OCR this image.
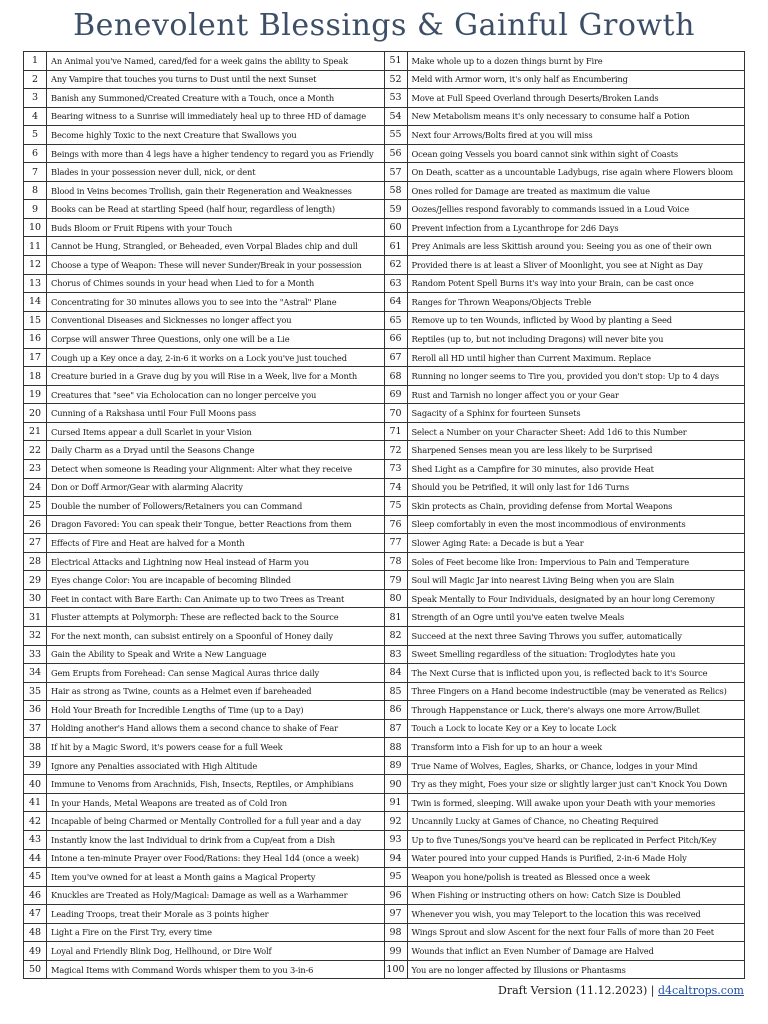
Benevolent Blessings & Gainful Growth
1	An Animal you've Named, cared/fed for a week gains the ability to Speak
2	Any Vampire that touches you turns to Dust until the next Sunset
3	Banish any Summoned/Created Creature with a Touch, once a Month
4	Bearing witness to a Sunrise will immediately heal up to three HD of damage
5	Become highly Toxic to the next Creature that Swallows you
6	Beings with more than 4 legs have a higher tendency to regard you as Friendly
7	Blades in your possession never dull, nick, or dent
8	Blood in Veins becomes Trollish, gain their Regeneration and Weaknesses
9	Books can be Read at startling Speed (half hour, regardless of length)
10	Buds Bloom or Fruit Ripens with your Touch
11	Cannot be Hung, Strangled, or Beheaded, even Vorpal Blades chip and dull
12	Choose a type of Weapon: These will never Sunder/Break in your possession
13	Chorus of Chimes sounds in your head when Lied to for a Month
14	Concentrating for 30 minutes allows you to see into the "Astral" Plane
15	Conventional Diseases and Sicknesses no longer affect you
16	Corpse will answer Three Questions, only one will be a Lie
17	Cough up a Key once a day, 2-in-6 it works on a Lock you've just touched
18	Creature buried in a Grave dug by you will Rise in a Week, live for a Month
19	Creatures that "see" via Echolocation can no longer perceive you
20	Cunning of a Rakshasa until Four Full Moons pass
21	Cursed Items appear a dull Scarlet in your Vision
22	Daily Charm as a Dryad until the Seasons Change
23	Detect when someone is Reading your Alignment: Alter what they receive
24	Don or Doff Armor/Gear with alarming Alacrity
25	Double the number of Followers/Retainers you can Command
26	Dragon Favored: You can speak their Tongue, better Reactions from them
27	Effects of Fire and Heat are halved for a Month
28	Electrical Attacks and Lightning now Heal instead of Harm you
29	Eyes change Color: You are incapable of becoming Blinded
30	Feet in contact with Bare Earth: Can Animate up to two Trees as Treant
31	Fluster attempts at Polymorph: These are reflected back to the Source
32	For the next month, can subsist entirely on a Spoonful of Honey daily
33	Gain the Ability to Speak and Write a New Language
34	Gem Erupts from Forehead: Can sense Magical Auras thrice daily
35	Hair as strong as Twine, counts as a Helmet even if bareheaded
36	Hold Your Breath for Incredible Lengths of Time (up to a Day)
37	Holding another's Hand allows them a second chance to shake of Fear
38	If hit by a Magic Sword, it's powers cease for a full Week
39	Ignore any Penalties associated with High Altitude
40	Immune to Venoms from Arachnids, Fish, Insects, Reptiles, or Amphibians
41	In your Hands, Metal Weapons are treated as of Cold Iron
42	Incapable of being Charmed or Mentally Controlled for a full year and a day
43	Instantly know the last Individual to drink from a Cup/eat from a Dish
44	Intone a ten-minute Prayer over Food/Rations: they Heal 1d4 (once a week)
45	Item you've owned for at least a Month gains a Magical Property
46	Knuckles are Treated as Holy/Magical: Damage as well as a Warhammer
47	Leading Troops, treat their Morale as 3 points higher
48	Light a Fire on the First Try, every time
49	Loyal and Friendly Blink Dog, Hellhound, or Dire Wolf
50	Magical Items with Command Words whisper them to you 3-in-6
51	Make whole up to a dozen things burnt by Fire
52	Meld with Armor worn, it's only half as Encumbering
53	Move at Full Speed Overland through Deserts/Broken Lands
54	New Metabolism means it's only necessary to consume half a Potion
55	Next four Arrows/Bolts fired at you will miss
56	Ocean going Vessels you board cannot sink within sight of Coasts
57	On Death, scatter as a uncountable Ladybugs, rise again where Flowers bloom
58	Ones rolled for Damage are treated as maximum die value
59	Oozes/Jellies respond favorably to commands issued in a Loud Voice
60	Prevent infection from a Lycanthrope for 2d6 Days
61	Prey Animals are less Skittish around you: Seeing you as one of their own
62	Provided there is at least a Sliver of Moonlight, you see at Night as Day
63	Random Potent Spell Burns it's way into your Brain, can be cast once
64	Ranges for Thrown Weapons/Objects Treble
65	Remove up to ten Wounds, inflicted by Wood by planting a Seed
66	Reptiles (up to, but not including Dragons) will never bite you
67	Reroll all HD until higher than Current Maximum. Replace
68	Running no longer seems to Tire you, provided you don't stop: Up to 4 days
69	Rust and Tarnish no longer affect you or your Gear
70	Sagacity of a Sphinx for fourteen Sunsets
71	Select a Number on your Character Sheet: Add 1d6 to this Number
72	Sharpened Senses mean you are less likely to be Surprised
73	Shed Light as a Campfire for 30 minutes, also provide Heat
74	Should you be Petrified, it will only last for 1d6 Turns
75	Skin protects as Chain, providing defense from Mortal Weapons
76	Sleep comfortably in even the most incommodious of environments
77	Slower Aging Rate: a Decade is but a Year
78	Soles of Feet become like Iron: Impervious to Pain and Temperature
79	Soul will Magic Jar into nearest Living Being when you are Slain
80	Speak Mentally to Four Individuals, designated by an hour long Ceremony
81	Strength of an Ogre until you've eaten twelve Meals
82	Succeed at the next three Saving Throws you suffer, automatically
83	Sweet Smelling regardless of the situation: Troglodytes hate you
84	The Next Curse that is inflicted upon you, is reflected back to it's Source
85	Three Fingers on a Hand become indestructible (may be venerated as Relics)
86	Through Happenstance or Luck, there's always one more Arrow/Bullet
87	Touch a Lock to locate Key or a Key to locate Lock
88	Transform into a Fish for up to an hour a week
89	True Name of Wolves, Eagles, Sharks, or Chance, lodges in your Mind
90	Try as they might, Foes your size or slightly larger just can't Knock You Down
91	Twin is formed, sleeping. Will awake upon your Death with your memories
92	Uncannily Lucky at Games of Chance, no Cheating Required
93	Up to five Tunes/Songs you've heard can be replicated in Perfect Pitch/Key
94	Water poured into your cupped Hands is Purified, 2-in-6 Made Holy
95	Weapon you hone/polish is treated as Blessed once a week
96	When Fishing or instructing others on how: Catch Size is Doubled
97	Whenever you wish, you may Teleport to the location this was received
98	Wings Sprout and slow Ascent for the next four Falls of more than 20 Feet
99	Wounds that inflict an Even Number of Damage are Halved
100 You are no longer affected by Illusions or Phantasms
Draft Version (11.12.2023) | d4caltrops.com
